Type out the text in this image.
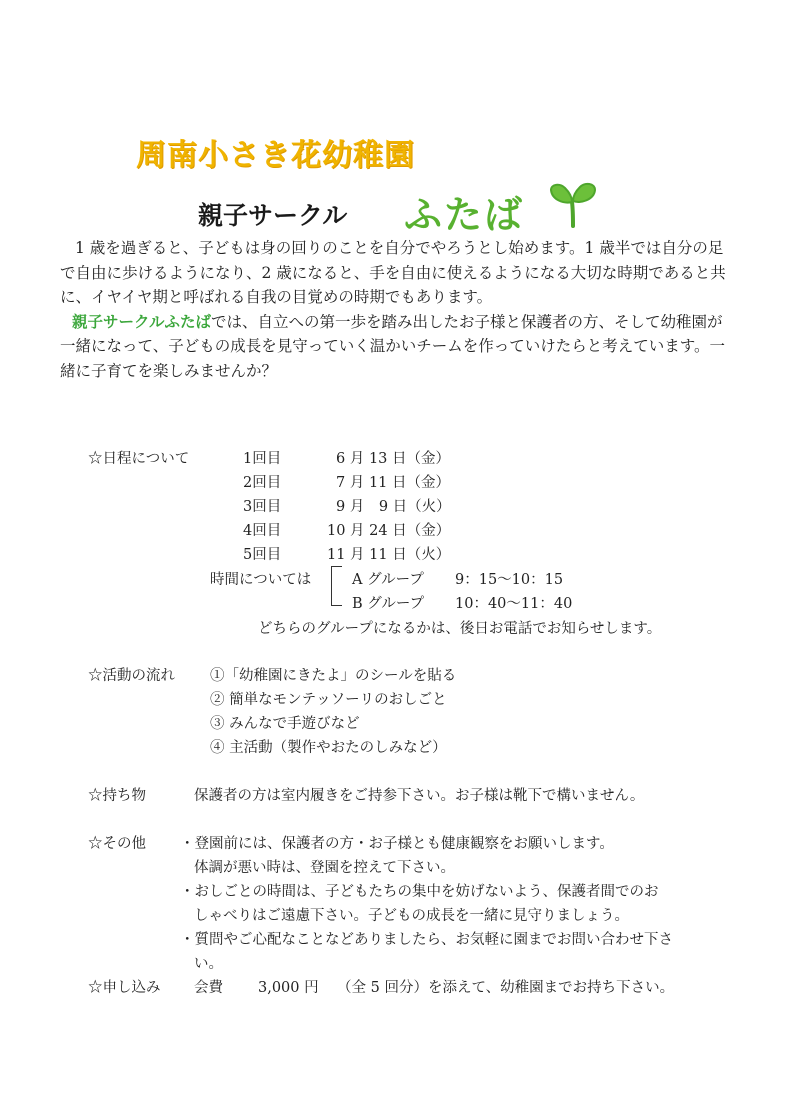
周南小さき花幼稚園
親子サークル ふたば

1 歳を過ぎると、子どもは身の回りのことを自分でやろうとし始めます。1 歳半では自分の足で自由に歩けるようになり、2 歳になると、手を自由に使えるようになる大切な時期であると共に、イヤイヤ期と呼ばれる自我の目覚めの時期でもあります。

親子サークルふたばでは、自立への第一歩を踏み出したお子様と保護者の方、そして幼稚園が一緒になって、子どもの成長を見守っていく温かいチームを作っていけたらと考えています。一緒に子育てを楽しみませんか？

☆日程について	1回目	6 月 13 日（金）
2回目	7 月 11 日（金）
3回目	9 月　9 日（火）
4回目	10 月 24 日（金）
5回目	11 月 11 日（火）
時間については	A グループ 9：15～10：15
B グループ 10：40～11：40
どちらのグループになるかは、後日お電話でお知らせします。
☆活動の流れ ①「幼稚園にきたよ」のシールを貼る
② 簡単なモンテッソーリのおしごと
③ みんなで手遊びなど
④ 主活動（製作やおたのしみなど）
☆持ち物	保護者の方は室内履きをご持参下さい。お子様は靴下で構いません。
☆その他 ・登園前には、保護者の方・お子様とも健康観察をお願いします。
体調が悪い時は、登園を控えて下さい。
・おしごとの時間は、子どもたちの集中を妨げないよう、保護者間でのお
しゃべりはご遠慮下さい。子どもの成長を一緒に見守りましょう。
・質問やご心配なことなどありましたら、お気軽に園までお問い合わせ下さ
い。
☆申し込み 会費 3,000 円 （全 5 回分）を添えて、幼稚園までお持ち下さい。
